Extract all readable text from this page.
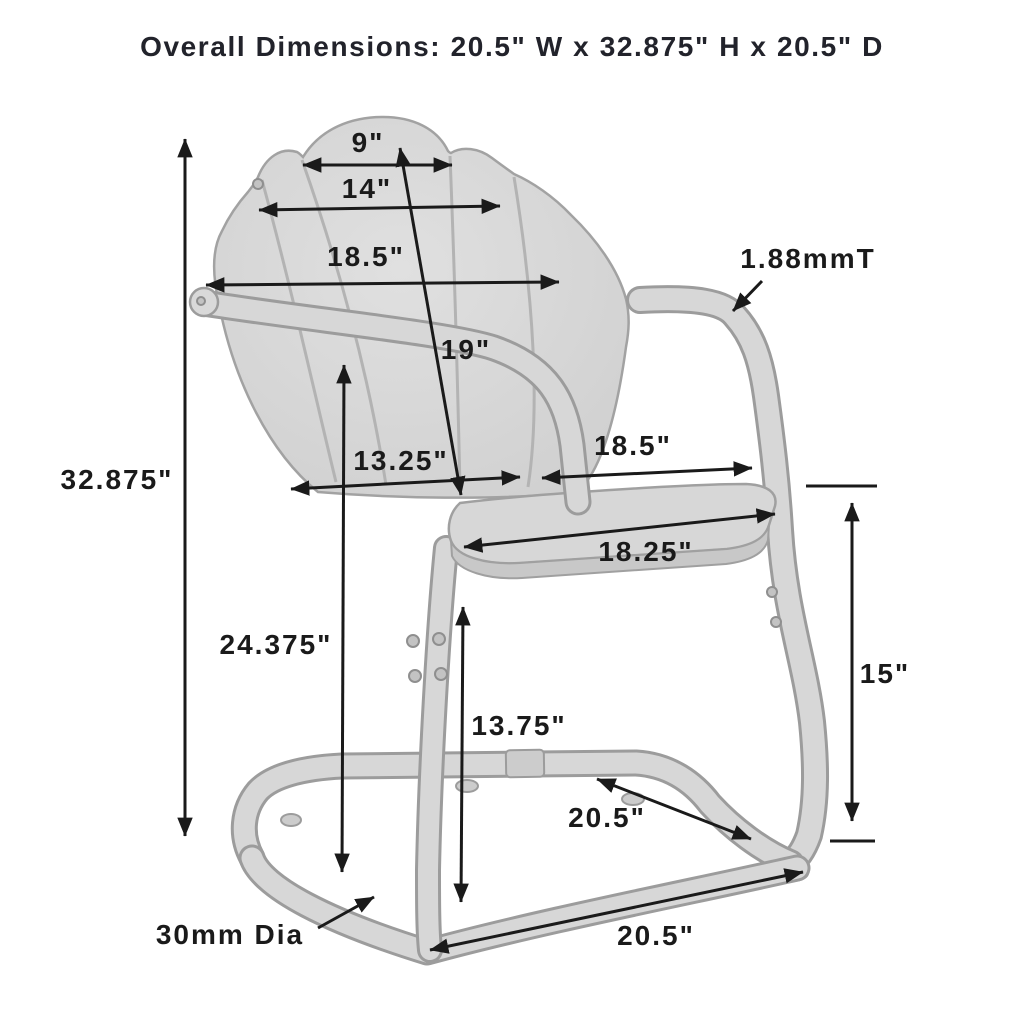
Overall Dimensions: 20.5" W x 32.875" H x 20.5" D
9"
14"
18.5"
19"
1.88mmT
32.875"
13.25"	18.5"
18.25"
24.375"
15"
13.75"
20.5"
20.5"
30mm Dia
